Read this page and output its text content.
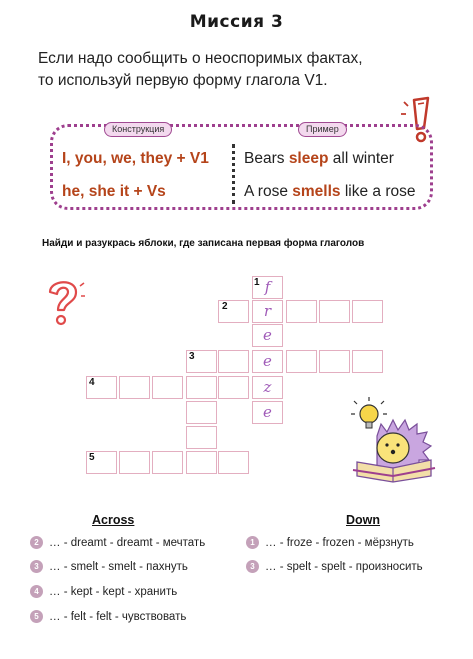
Миссия 3
Если надо сообщить о неоспоримых фактах,
то используй первую форму глагола V1.
Конструкция	Пример
I, you, we, they + V1
he, she it + Vs
Bears sleep all winter
A rose smells like a rose
Найди и разукрась яблоки, где записана первая форма глаголов
f
r
e
e
z
e
1
2
3
4
5
Across	Down
2 … - dreamt - dreamt - мечтать
3 … - smelt - smelt - пахнуть
4 … - kept - kept - хранить
5 … - felt - felt - чувствовать
1 … - froze - frozen - мёрзнуть
3 … - spelt - spelt - произносить
